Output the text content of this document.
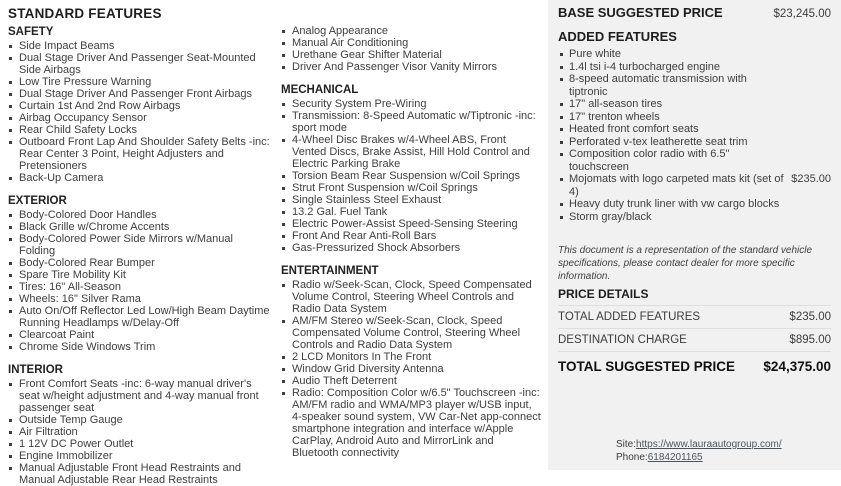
STANDARD FEATURES
SAFETY
Side Impact Beams
Dual Stage Driver And Passenger Seat-Mounted Side Airbags
Low Tire Pressure Warning
Dual Stage Driver And Passenger Front Airbags
Curtain 1st And 2nd Row Airbags
Airbag Occupancy Sensor
Rear Child Safety Locks
Outboard Front Lap And Shoulder Safety Belts -inc: Rear Center 3 Point, Height Adjusters and Pretensioners
Back-Up Camera
EXTERIOR
Body-Colored Door Handles
Black Grille w/Chrome Accents
Body-Colored Power Side Mirrors w/Manual Folding
Body-Colored Rear Bumper
Spare Tire Mobility Kit
Tires: 16" All-Season
Wheels: 16" Silver Rama
Auto On/Off Reflector Led Low/High Beam Daytime Running Headlamps w/Delay-Off
Clearcoat Paint
Chrome Side Windows Trim
INTERIOR
Front Comfort Seats -inc: 6-way manual driver's seat w/height adjustment and 4-way manual front passenger seat
Outside Temp Gauge
Air Filtration
1 12V DC Power Outlet
Engine Immobilizer
Manual Adjustable Front Head Restraints and Manual Adjustable Rear Head Restraints
Analog Appearance
Manual Air Conditioning
Urethane Gear Shifter Material
Driver And Passenger Visor Vanity Mirrors
MECHANICAL
Security System Pre-Wiring
Transmission: 8-Speed Automatic w/Tiptronic -inc: sport mode
4-Wheel Disc Brakes w/4-Wheel ABS, Front Vented Discs, Brake Assist, Hill Hold Control and Electric Parking Brake
Torsion Beam Rear Suspension w/Coil Springs
Strut Front Suspension w/Coil Springs
Single Stainless Steel Exhaust
13.2 Gal. Fuel Tank
Electric Power-Assist Speed-Sensing Steering
Front And Rear Anti-Roll Bars
Gas-Pressurized Shock Absorbers
ENTERTAINMENT
Radio w/Seek-Scan, Clock, Speed Compensated Volume Control, Steering Wheel Controls and Radio Data System
AM/FM Stereo w/Seek-Scan, Clock, Speed Compensated Volume Control, Steering Wheel Controls and Radio Data System
2 LCD Monitors In The Front
Window Grid Diversity Antenna
Audio Theft Deterrent
Radio: Composition Color w/6.5" Touchscreen -inc: AM/FM radio and WMA/MP3 player w/USB input, 4-speaker sound system, VW Car-Net app-connect smartphone integration and interface w/Apple CarPlay, Android Auto and MirrorLink and Bluetooth connectivity
BASE SUGGESTED PRICE	$23,245.00
ADDED FEATURES
Pure white
1.4l tsi i-4 turbocharged engine
8-speed automatic transmission with tiptronic
17" all-season tires
17" trenton wheels
Heated front comfort seats
Perforated v-tex leatherette seat trim
Composition color radio with 6.5" touchscreen
Mojomats with logo carpeted mats kit (set of 4)
$235.00
Heavy duty trunk liner with vw cargo blocks
Storm gray/black
This document is a representation of the standard vehicle specifications, please contact dealer for more specific information.
PRICE DETAILS
TOTAL ADDED FEATURES	$235.00
DESTINATION CHARGE	$895.00
TOTAL SUGGESTED PRICE $24,375.00
Site:https://www.lauraautogroup.com/
Phone:6184201165
